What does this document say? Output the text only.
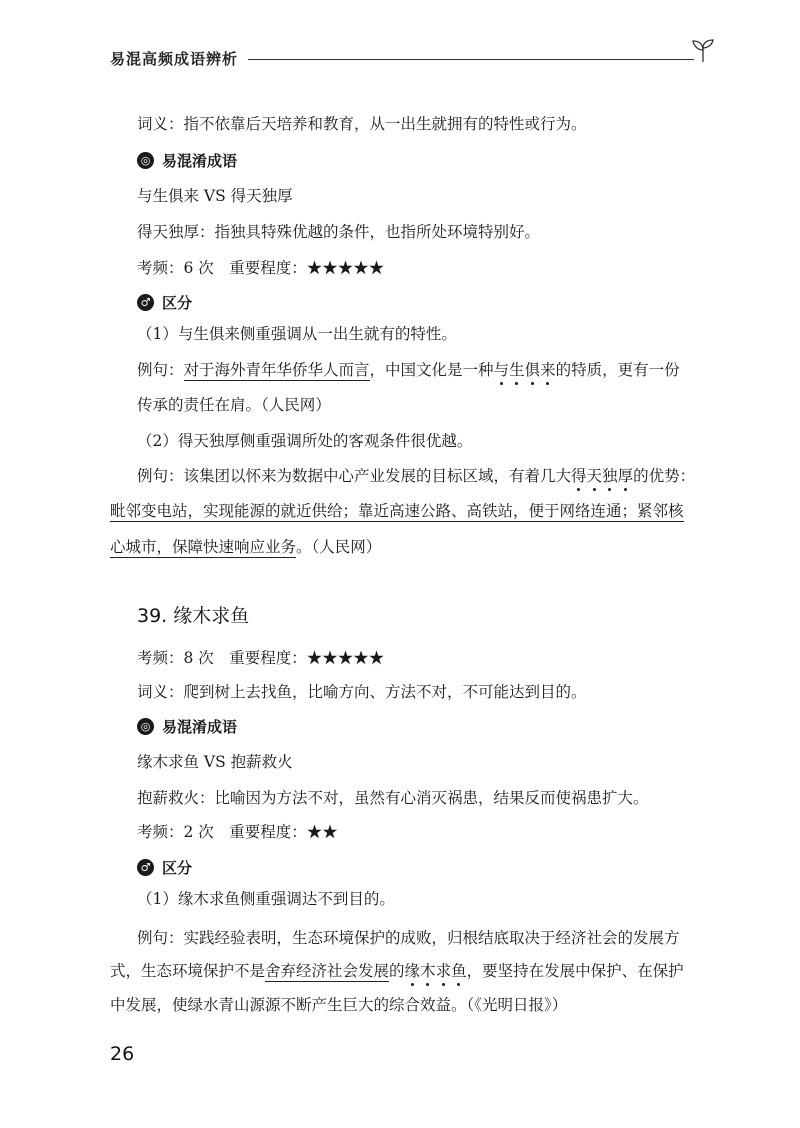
易混高频成语辨析
词义：指不依靠后天培养和教育，从一出生就拥有的特性或行为。
◎ 易混淆成语
与生俱来 VS 得天独厚
得天独厚：指独具特殊优越的条件，也指所处环境特别好。
考频：6 次　重要程度：★★★★★
♂ 区分
（1）与生俱来侧重强调从一出生就有的特性。
例句：对于海外青年华侨华人而言，中国文化是一种与生俱来的特质，更有一份
传承的责任在肩。（人民网）
（2）得天独厚侧重强调所处的客观条件很优越。
例句：该集团以怀来为数据中心产业发展的目标区域，有着几大得天独厚的优势：
毗邻变电站，实现能源的就近供给；靠近高速公路、高铁站，便于网络连通；紧邻核
心城市，保障快速响应业务。（人民网）
39. 缘木求鱼
考频：8 次　重要程度：★★★★★
词义：爬到树上去找鱼，比喻方向、方法不对，不可能达到目的。
◎ 易混淆成语
缘木求鱼 VS 抱薪救火
抱薪救火：比喻因为方法不对，虽然有心消灭祸患，结果反而使祸患扩大。
考频：2 次　重要程度：★★
♂ 区分
（1）缘木求鱼侧重强调达不到目的。
例句：实践经验表明，生态环境保护的成败，归根结底取决于经济社会的发展方
式，生态环境保护不是舍弃经济社会发展的缘木求鱼，要坚持在发展中保护、在保护
中发展，使绿水青山源源不断产生巨大的综合效益。（《光明日报》）
26
